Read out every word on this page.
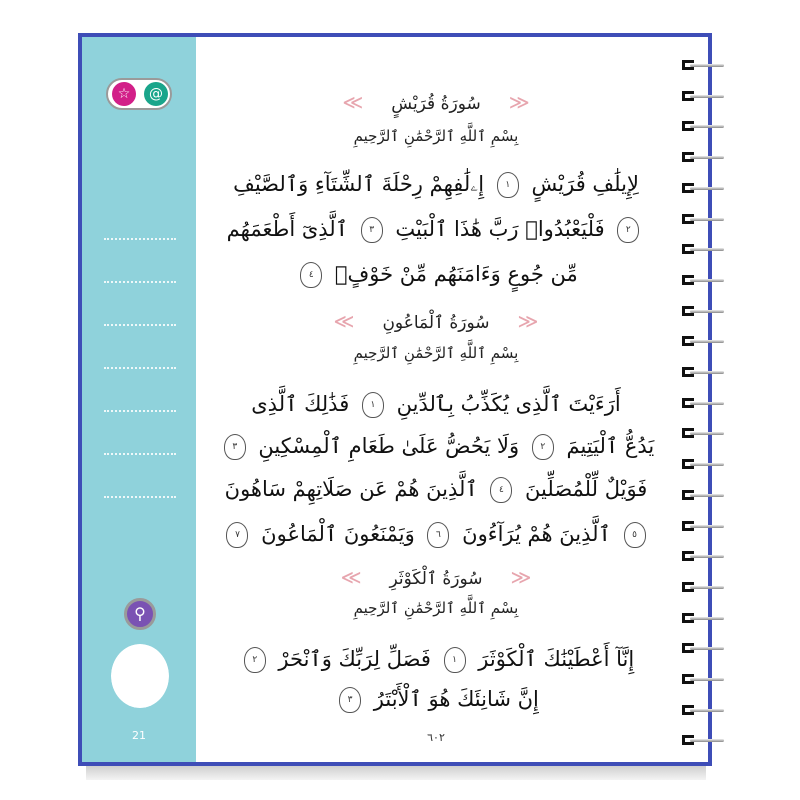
☆	@
⚲
21	٦٠٢
≪سُورَةُ قُرَيْشٍ≫
بِسْمِ ٱللَّهِ ٱلرَّحْمَٰنِ ٱلرَّحِيمِ
لِإِيلَٰفِ قُرَيْشٍ ١ إِۦلَٰفِهِمْ رِحْلَةَ ٱلشِّتَآءِ وَٱلصَّيْفِ
٢ فَلْيَعْبُدُوا۟ رَبَّ هَٰذَا ٱلْبَيْتِ ٣ ٱلَّذِىٓ أَطْعَمَهُم
مِّن جُوعٍ وَءَامَنَهُم مِّنْ خَوْفٍۭ ٤
≪سُورَةُ ٱلْمَاعُونِ≫
بِسْمِ ٱللَّهِ ٱلرَّحْمَٰنِ ٱلرَّحِيمِ
أَرَءَيْتَ ٱلَّذِى يُكَذِّبُ بِٱلدِّينِ ١ فَذَٰلِكَ ٱلَّذِى
يَدُعُّ ٱلْيَتِيمَ ٢ وَلَا يَحُضُّ عَلَىٰ طَعَامِ ٱلْمِسْكِينِ ٣
فَوَيْلٌ لِّلْمُصَلِّينَ ٤ ٱلَّذِينَ هُمْ عَن صَلَاتِهِمْ سَاهُونَ
٥ ٱلَّذِينَ هُمْ يُرَآءُونَ ٦ وَيَمْنَعُونَ ٱلْمَاعُونَ ٧
≪سُورَةُ ٱلْكَوْثَرِ≫
بِسْمِ ٱللَّهِ ٱلرَّحْمَٰنِ ٱلرَّحِيمِ
إِنَّآ أَعْطَيْنَٰكَ ٱلْكَوْثَرَ ١ فَصَلِّ لِرَبِّكَ وَٱنْحَرْ ٢
إِنَّ شَانِئَكَ هُوَ ٱلْأَبْتَرُ ٣
